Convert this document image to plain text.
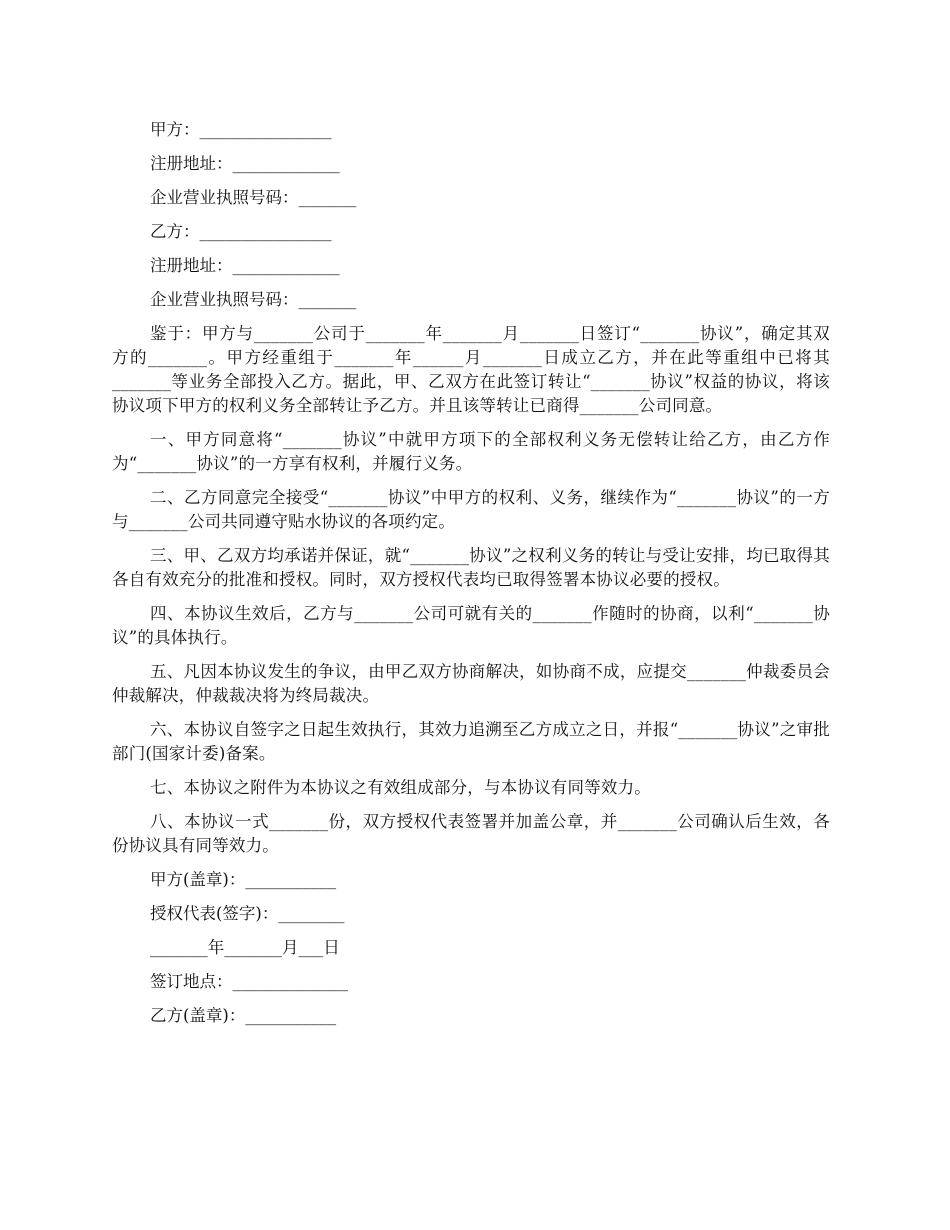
甲方：________________

注册地址：_____________

企业营业执照号码：_______

乙方：________________

注册地址：_____________

企业营业执照号码：_______

鉴于：甲方与_______公司于_______年_______月_______日签订“_______协议”，确定其双方的_______。甲方经重组于_______年______月_______日成立乙方，并在此等重组中已将其_______等业务全部投入乙方。据此，甲、乙双方在此签订转让“_______协议”权益的协议，将该协议项下甲方的权利义务全部转让予乙方。并且该等转让已商得_______公司同意。

一、甲方同意将“_______协议”中就甲方项下的全部权利义务无偿转让给乙方，由乙方作为“_______协议”的一方享有权利，并履行义务。

二、乙方同意完全接受“_______协议”中甲方的权利、义务，继续作为“_______协议”的一方与_______公司共同遵守贴水协议的各项约定。

三、甲、乙双方均承诺并保证，就“_______协议”之权利义务的转让与受让安排，均已取得其各自有效充分的批准和授权。同时，双方授权代表均已取得签署本协议必要的授权。

四、本协议生效后，乙方与_______公司可就有关的_______作随时的协商，以利“_______协议”的具体执行。

五、凡因本协议发生的争议，由甲乙双方协商解决，如协商不成，应提交_______仲裁委员会仲裁解决，仲裁裁决将为终局裁决。

六、本协议自签字之日起生效执行，其效力追溯至乙方成立之日，并报“_______协议”之审批部门(国家计委)备案。

七、本协议之附件为本协议之有效组成部分，与本协议有同等效力。

八、本协议一式_______份，双方授权代表签署并加盖公章，并_______公司确认后生效，各份协议具有同等效力。

甲方(盖章)：___________

授权代表(签字)：________

_______年_______月___日

签订地点：______________

乙方(盖章)：___________
